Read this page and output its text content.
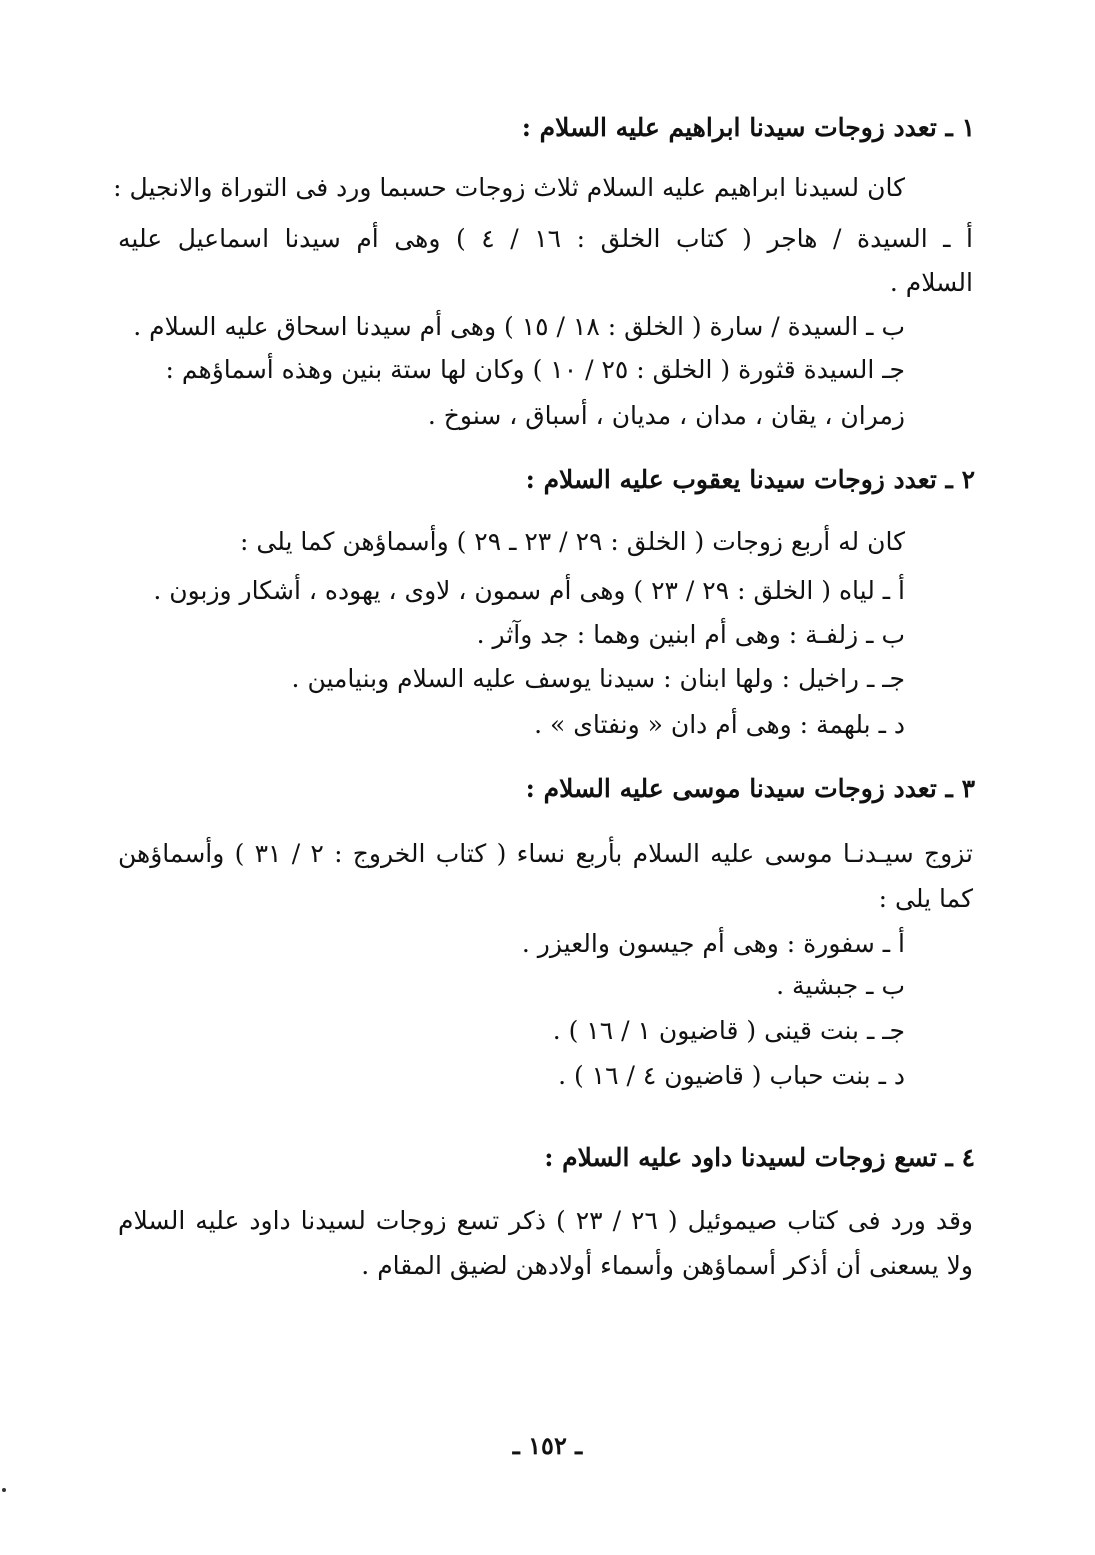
١ ـ تعدد زوجات سيدنا ابراهيم عليه السلام :
كان لسيدنا ابراهيم عليه السلام ثلاث زوجات حسبما ورد فى التوراة والانجيل :
أ ـ السيدة / هاجر ( كتاب الخلق : ١٦ / ٤ ) وهى أم سيدنا اسماعيل عليه
السلام .
ب ـ السيدة / سارة ( الخلق : ١٨ / ١٥ ) وهى أم سيدنا اسحاق عليه السلام .
جـ السيدة قثورة ( الخلق : ٢٥ / ١٠ ) وكان لها ستة بنين وهذه أسماؤهم :
زمران ، يقان ، مدان ، مديان ، أسباق ، سنوخ .
٢ ـ تعدد زوجات سيدنا يعقوب عليه السلام :
كان له أربع زوجات ( الخلق : ٢٩ / ٢٣ ـ ٢٩ ) وأسماؤهن كما يلى :
أ ـ لياه ( الخلق : ٢٩ / ٢٣ ) وهى أم سمون ، لاوى ، يهوده ، أشكار وزبون .
ب ـ زلفـة : وهى أم ابنين وهما : جد وآثر .
جـ ـ راخيل : ولها ابنان : سيدنا يوسف عليه السلام وبنيامين .
د ـ بلهمة : وهى أم دان « ونفتاى » .
٣ ـ تعدد زوجات سيدنا موسى عليه السلام :
تزوج سيـدنـا موسى عليه السلام بأربع نساء ( كتاب الخروج : ٢ / ٣١ ) وأسماؤهن
كما يلى :
أ ـ سفورة : وهى أم جيسون والعيزر .
ب ـ جبشية .
جـ ـ بنت قينى ( قاضيون ١ / ١٦ ) .
د ـ بنت حباب ( قاضيون ٤ / ١٦ ) .
٤ ـ تسع زوجات لسيدنا داود عليه السلام :
وقد ورد فى كتاب صيموئيل ( ٢٦ / ٢٣ ) ذكر تسع زوجات لسيدنا داود عليه السلام
ولا يسعنى أن أذكر أسماؤهن وأسماء أولادهن لضيق المقام .
ـ ١٥٢ ـ
